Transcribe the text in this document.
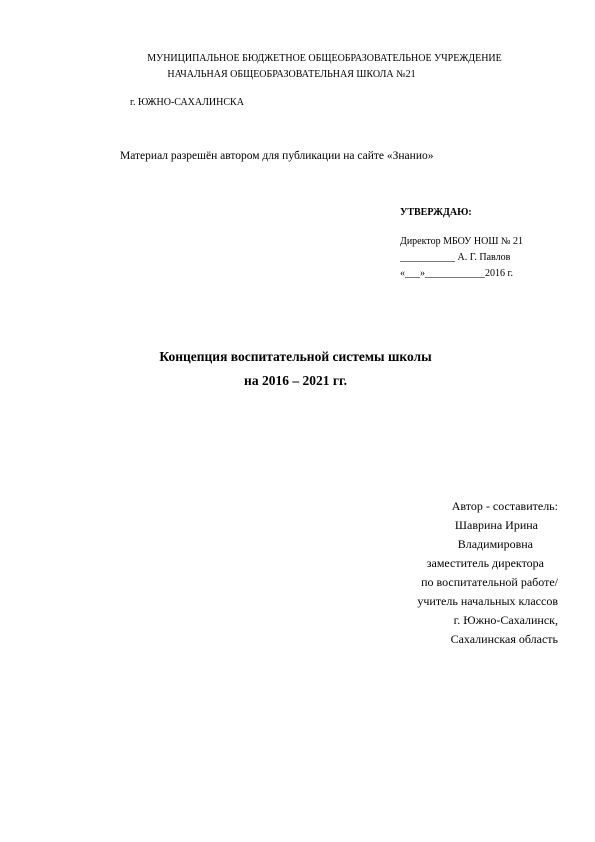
МУНИЦИПАЛЬНОЕ БЮДЖЕТНОЕ ОБЩЕОБРАЗОВАТЕЛЬНОЕ УЧРЕЖДЕНИЕ
НАЧАЛЬНАЯ ОБЩЕОБРАЗОВАТЕЛЬНАЯ ШКОЛА №21
г. ЮЖНО-САХАЛИНСКА
Материал разрешён автором для публикации на сайте «Знанио»
УТВЕРЖДАЮ:
Директор МБОУ НОШ № 21
___________ А. Г. Павлов
«___»____________2016 г.
Концепция воспитательной системы школы
на 2016 – 2021 гг.
Автор - составитель:
Шаврина Ирина
Владимировна
заместитель директора
по воспитательной работе/
учитель начальных классов
г. Южно-Сахалинск,
Сахалинская область
